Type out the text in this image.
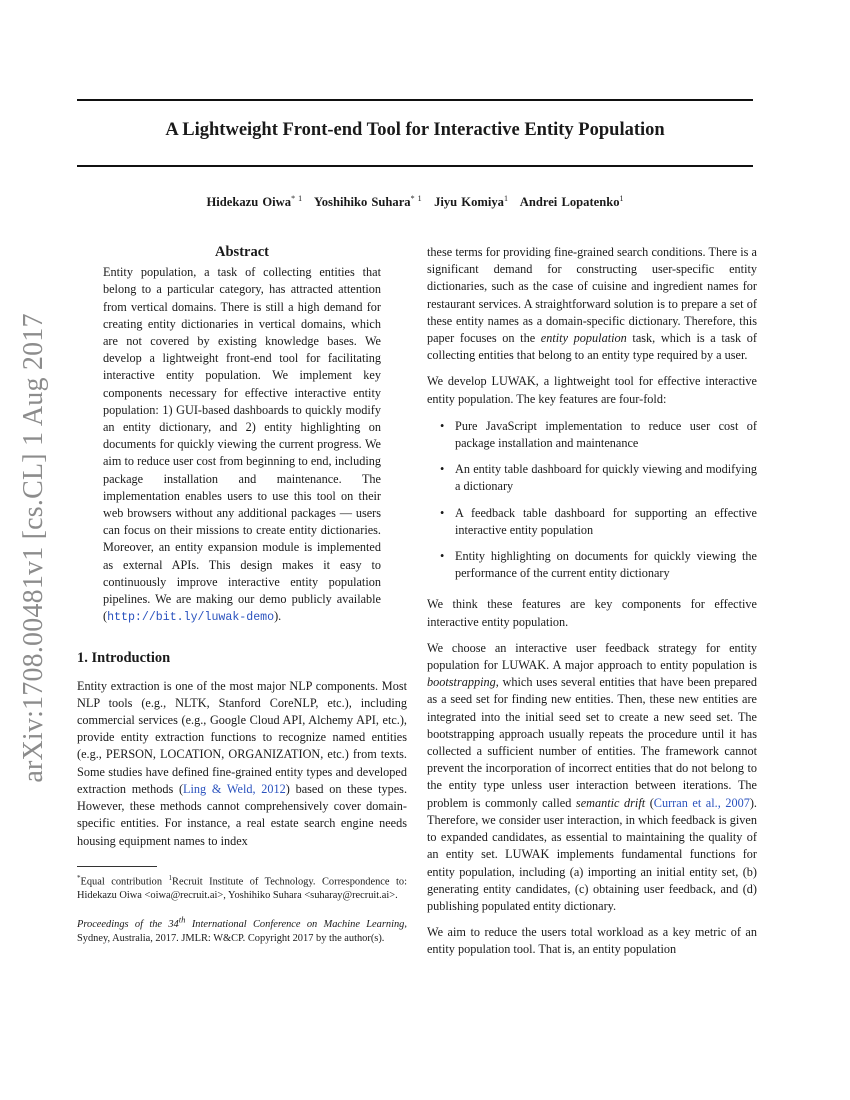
A Lightweight Front-end Tool for Interactive Entity Population
Hidekazu Oiwa$^{* 1}$ Yoshihiko Suhara$^{* 1}$ Jiyu Komiya$^1$ Andrei Lopatenko$^1$
arXiv:1708.00481v1 [cs.CL] 1 Aug 2017
Abstract
Entity population, a task of collecting entities that belong to a particular category, has attracted attention from vertical domains. There is still a high demand for creating entity dictionaries in vertical domains, which are not covered by existing knowledge bases. We develop a lightweight front-end tool for facilitating interactive entity population. We implement key components necessary for effective interactive entity population: 1) GUI-based dashboards to quickly modify an entity dictionary, and 2) entity highlighting on documents for quickly viewing the current progress. We aim to reduce user cost from beginning to end, including package installation and maintenance. The implementation enables users to use this tool on their web browsers without any additional packages — users can focus on their missions to create entity dictionaries. Moreover, an entity expansion module is implemented as external APIs. This design makes it easy to continuously improve interactive entity population pipelines. We are making our demo publicly available (http://bit.ly/luwak-demo).
1. Introduction

Entity extraction is one of the most major NLP components. Most NLP tools (e.g., NLTK, Stanford CoreNLP, etc.), including commercial services (e.g., Google Cloud API, Alchemy API, etc.), provide entity extraction functions to recognize named entities (e.g., PERSON, LOCATION, ORGANIZATION, etc.) from texts. Some studies have defined fine-grained entity types and developed extraction methods (Ling & Weld, 2012) based on these types. However, these methods cannot comprehensively cover domain-specific entities. For instance, a real estate search engine needs housing equipment names to index

these terms for providing fine-grained search conditions. There is a significant demand for constructing user-specific entity dictionaries, such as the case of cuisine and ingredient names for restaurant services. A straightforward solution is to prepare a set of these entity names as a domain-specific dictionary. Therefore, this paper focuses on the entity population task, which is a task of collecting entities that belong to an entity type required by a user.

We develop LUWAK, a lightweight tool for effective interactive entity population. The key features are four-fold:

• Pure JavaScript implementation to reduce user cost of package installation and maintenance
• An entity table dashboard for quickly viewing and modifying a dictionary
• A feedback table dashboard for supporting an effective interactive entity population
• Entity highlighting on documents for quickly viewing the performance of the current entity dictionary

We think these features are key components for effective interactive entity population.

We choose an interactive user feedback strategy for entity population for LUWAK. A major approach to entity population is bootstrapping, which uses several entities that have been prepared as a seed set for finding new entities. Then, these new entities are integrated into the initial seed set to create a new seed set. The bootstrapping approach usually repeats the procedure until it has collected a sufficient number of entities. The framework cannot prevent the incorporation of incorrect entities that do not belong to the entity type unless user interaction between iterations. The problem is commonly called semantic drift (Curran et al., 2007). Therefore, we consider user interaction, in which feedback is given to expanded candidates, as essential to maintaining the quality of an entity set. LUWAK implements fundamental functions for entity population, including (a) importing an initial entity set, (b) generating entity candidates, (c) obtaining user feedback, and (d) publishing populated entity dictionary.

We aim to reduce the users total workload as a key metric of an entity population tool. That is, an entity population

*Equal contribution $^1$Recruit Institute of Technology. Correspondence to: Hidekazu Oiwa <oiwa@recruit.ai>, Yoshihiko Suhara <suharay@recruit.ai>.

Proceedings of the 34th International Conference on Machine Learning, Sydney, Australia, 2017. JMLR: W&CP. Copyright 2017 by the author(s).
